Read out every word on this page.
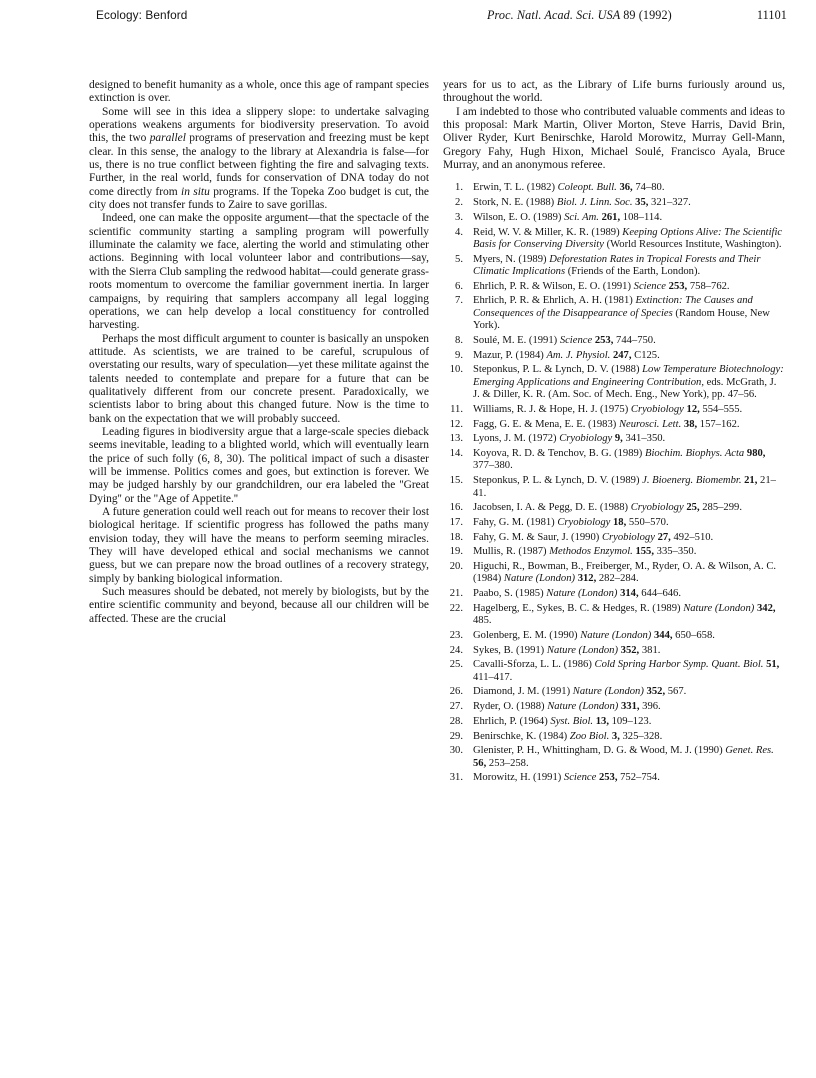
Ecology: Benford	Proc. Natl. Acad. Sci. USA 89 (1992)	11101

designed to benefit humanity as a whole, once this age of rampant species extinction is over.

Some will see in this idea a slippery slope: to undertake salvaging operations weakens arguments for biodiversity preservation. To avoid this, the two parallel programs of preservation and freezing must be kept clear. In this sense, the analogy to the library at Alexandria is false—for us, there is no true conflict between fighting the fire and salvaging texts. Further, in the real world, funds for conservation of DNA today do not come directly from in situ programs. If the Topeka Zoo budget is cut, the city does not transfer funds to Zaire to save gorillas.

Indeed, one can make the opposite argument—that the spectacle of the scientific community starting a sampling program will powerfully illuminate the calamity we face, alerting the world and stimulating other actions. Beginning with local volunteer labor and contributions—say, with the Sierra Club sampling the redwood habitat—could generate grass-roots momentum to overcome the familiar government inertia. In larger campaigns, by requiring that samplers accompany all legal logging operations, we can help develop a local constituency for controlled harvesting.

Perhaps the most difficult argument to counter is basically an unspoken attitude. As scientists, we are trained to be careful, scrupulous of overstating our results, wary of speculation—yet these militate against the talents needed to contemplate and prepare for a future that can be qualitatively different from our concrete present. Paradoxically, we scientists labor to bring about this changed future. Now is the time to bank on the expectation that we will probably succeed.

Leading figures in biodiversity argue that a large-scale species dieback seems inevitable, leading to a blighted world, which will eventually learn the price of such folly (6, 8, 30). The political impact of such a disaster will be immense. Politics comes and goes, but extinction is forever. We may be judged harshly by our grandchildren, our era labeled the ''Great Dying'' or the ''Age of Appetite.''

A future generation could well reach out for means to recover their lost biological heritage. If scientific progress has followed the paths many envision today, they will have the means to perform seeming miracles. They will have developed ethical and social mechanisms we cannot guess, but we can prepare now the broad outlines of a recovery strategy, simply by banking biological information.

Such measures should be debated, not merely by biologists, but by the entire scientific community and beyond, because all our children will be affected. These are the crucial

years for us to act, as the Library of Life burns furiously around us, throughout the world.

I am indebted to those who contributed valuable comments and ideas to this proposal: Mark Martin, Oliver Morton, Steve Harris, David Brin, Oliver Ryder, Kurt Benirschke, Harold Morowitz, Murray Gell-Mann, Gregory Fahy, Hugh Hixon, Michael Soulé, Francisco Ayala, Bruce Murray, and an anonymous referee.

1. Erwin, T. L. (1982) Coleopt. Bull. 36, 74–80.
2. Stork, N. E. (1988) Biol. J. Linn. Soc. 35, 321–327.
3. Wilson, E. O. (1989) Sci. Am. 261, 108–114.
4. Reid, W. V. & Miller, K. R. (1989) Keeping Options Alive: The Scientific Basis for Conserving Diversity (World Resources Institute, Washington).
5. Myers, N. (1989) Deforestation Rates in Tropical Forests and Their Climatic Implications (Friends of the Earth, London).
6. Ehrlich, P. R. & Wilson, E. O. (1991) Science 253, 758–762.
7. Ehrlich, P. R. & Ehrlich, A. H. (1981) Extinction: The Causes and Consequences of the Disappearance of Species (Random House, New York).
8. Soulé, M. E. (1991) Science 253, 744–750.
9. Mazur, P. (1984) Am. J. Physiol. 247, C125.
10. Steponkus, P. L. & Lynch, D. V. (1988) Low Temperature Biotechnology: Emerging Applications and Engineering Contribution, eds. McGrath, J. J. & Diller, K. R. (Am. Soc. of Mech. Eng., New York), pp. 47–56.
11. Williams, R. J. & Hope, H. J. (1975) Cryobiology 12, 554–555.
12. Fagg, G. E. & Mena, E. E. (1983) Neurosci. Lett. 38, 157–162.
13. Lyons, J. M. (1972) Cryobiology 9, 341–350.
14. Koyova, R. D. & Tenchov, B. G. (1989) Biochim. Biophys. Acta 980, 377–380.
15. Steponkus, P. L. & Lynch, D. V. (1989) J. Bioenerg. Biomembr. 21, 21–41.
16. Jacobsen, I. A. & Pegg, D. E. (1988) Cryobiology 25, 285–299.
17. Fahy, G. M. (1981) Cryobiology 18, 550–570.
18. Fahy, G. M. & Saur, J. (1990) Cryobiology 27, 492–510.
19. Mullis, R. (1987) Methodos Enzymol. 155, 335–350.
20. Higuchi, R., Bowman, B., Freiberger, M., Ryder, O. A. & Wilson, A. C. (1984) Nature (London) 312, 282–284.
21. Paabo, S. (1985) Nature (London) 314, 644–646.
22. Hagelberg, E., Sykes, B. C. & Hedges, R. (1989) Nature (London) 342, 485.
23. Golenberg, E. M. (1990) Nature (London) 344, 650–658.
24. Sykes, B. (1991) Nature (London) 352, 381.
25. Cavalli-Sforza, L. L. (1986) Cold Spring Harbor Symp. Quant. Biol. 51, 411–417.
26. Diamond, J. M. (1991) Nature (London) 352, 567.
27. Ryder, O. (1988) Nature (London) 331, 396.
28. Ehrlich, P. (1964) Syst. Biol. 13, 109–123.
29. Benirschke, K. (1984) Zoo Biol. 3, 325–328.
30. Glenister, P. H., Whittingham, D. G. & Wood, M. J. (1990) Genet. Res. 56, 253–258.
31. Morowitz, H. (1991) Science 253, 752–754.
